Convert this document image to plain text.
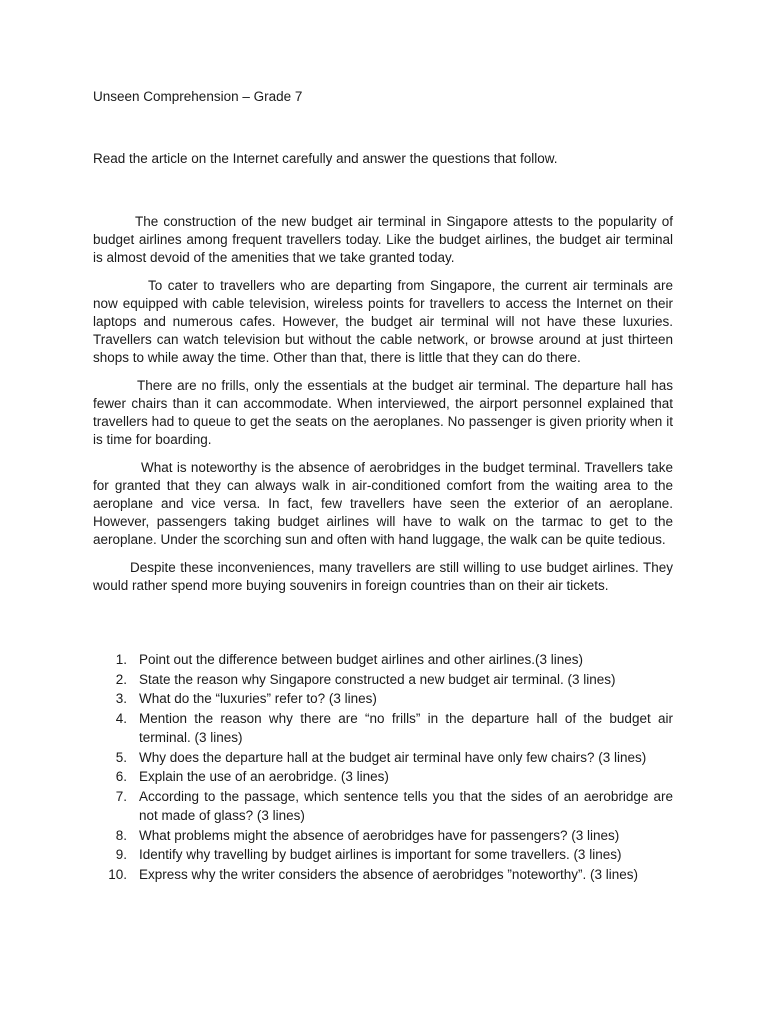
Unseen Comprehension – Grade 7
Read the article on the Internet carefully and answer the questions that follow.

The construction of the new budget air terminal in Singapore attests to the popularity of budget airlines among frequent travellers today. Like the budget airlines, the budget air terminal is almost devoid of the amenities that we take granted today.

To cater to travellers who are departing from Singapore, the current air terminals are now equipped with cable television, wireless points for travellers to access the Internet on their laptops and numerous cafes. However, the budget air terminal will not have these luxuries. Travellers can watch television but without the cable network, or browse around at just thirteen shops to while away the time. Other than that, there is little that they can do there.

There are no frills, only the essentials at the budget air terminal. The departure hall has fewer chairs than it can accommodate. When interviewed, the airport personnel explained that travellers had to queue to get the seats on the aeroplanes. No passenger is given priority when it is time for boarding.

What is noteworthy is the absence of aerobridges in the budget terminal. Travellers take for granted that they can always walk in air-conditioned comfort from the waiting area to the aeroplane and vice versa. In fact, few travellers have seen the exterior of an aeroplane. However, passengers taking budget airlines will have to walk on the tarmac to get to the aeroplane. Under the scorching sun and often with hand luggage, the walk can be quite tedious.

Despite these inconveniences, many travellers are still willing to use budget airlines. They would rather spend more buying souvenirs in foreign countries than on their air tickets.

1. Point out the difference between budget airlines and other airlines.(3 lines)
2. State the reason why Singapore constructed a new budget air terminal. (3 lines)
3. What do the “luxuries” refer to? (3 lines)
4. Mention the reason why there are “no frills” in the departure hall of the budget air terminal. (3 lines)
5. Why does the departure hall at the budget air terminal have only few chairs? (3 lines)
6. Explain the use of an aerobridge. (3 lines)
7. According to the passage, which sentence tells you that the sides of an aerobridge are not made of glass? (3 lines)
8. What problems might the absence of aerobridges have for passengers? (3 lines)
9. Identify why travelling by budget airlines is important for some travellers. (3 lines)
10. Express why the writer considers the absence of aerobridges ”noteworthy”. (3 lines)
